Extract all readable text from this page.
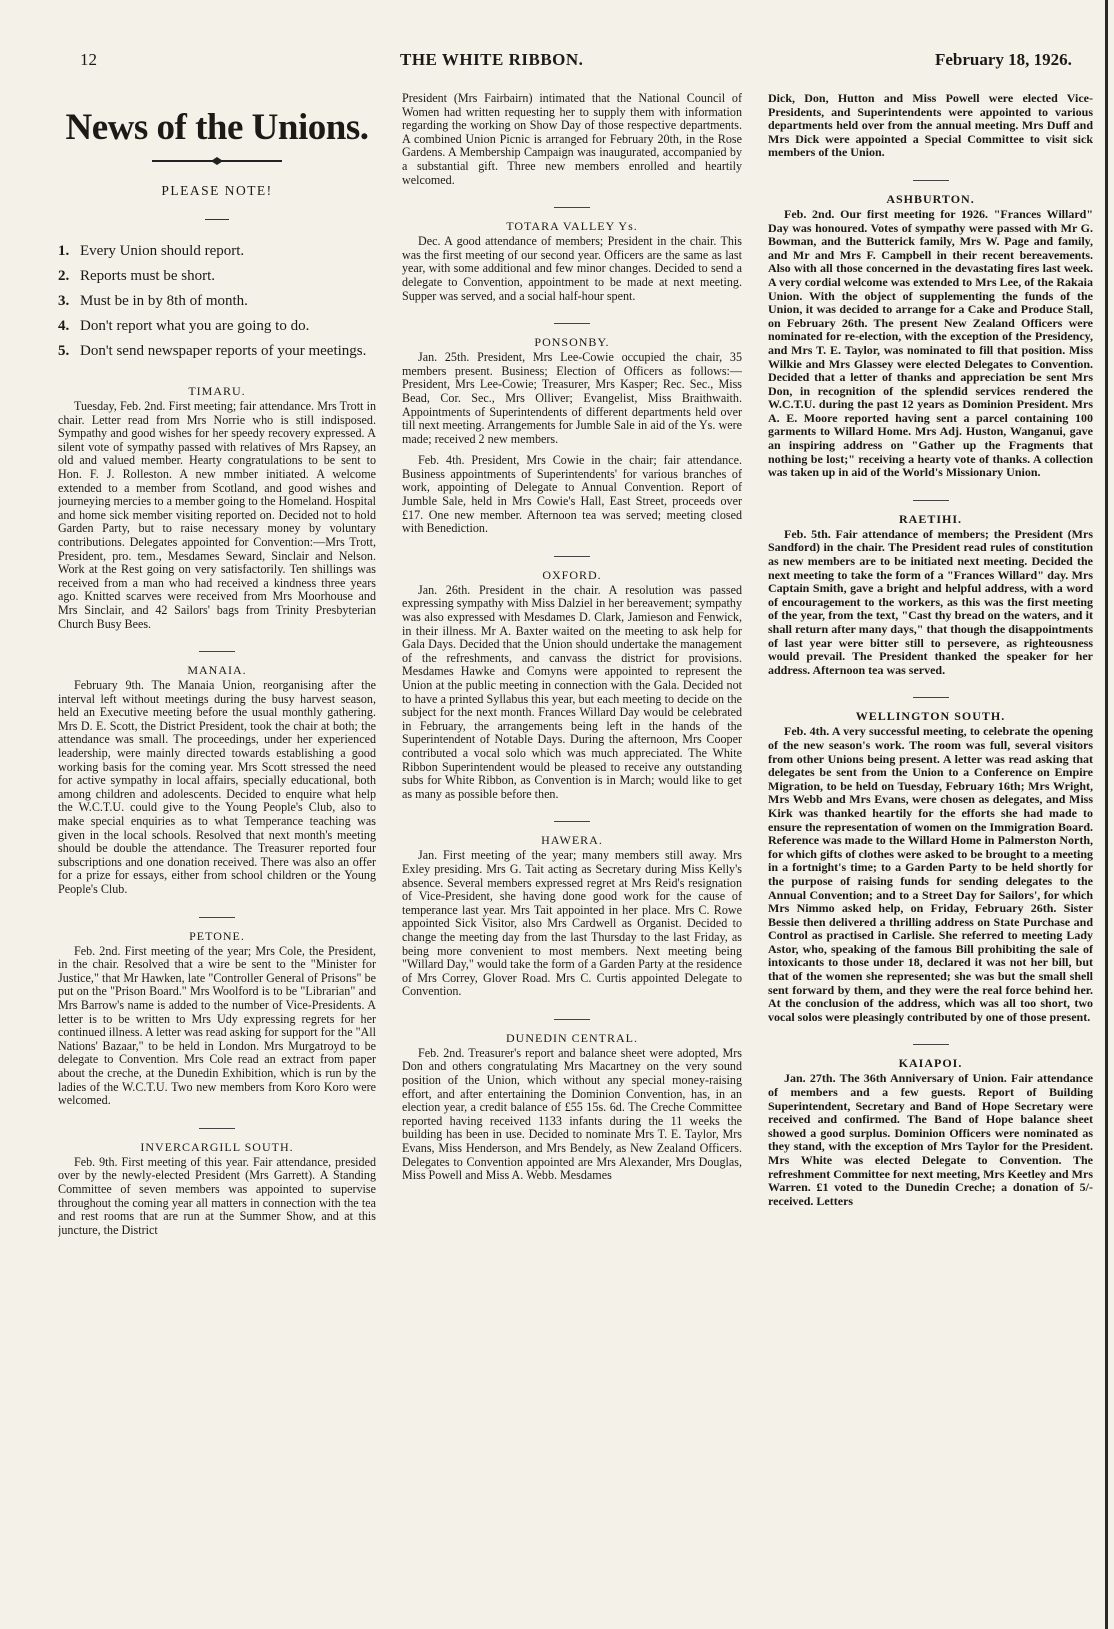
12	THE WHITE RIBBON.	February 18, 1926.
News of the Unions.
PLEASE NOTE!
1. Every Union should report.
2. Reports must be short.
3. Must be in by 8th of month.
4. Don't report what you are going to do.
5. Don't send newspaper reports of your meetings.
TIMARU.

Tuesday, Feb. 2nd. First meeting; fair attendance. Mrs Trott in chair. Letter read from Mrs Norrie who is still indisposed. Sympathy and good wishes for her speedy recovery expressed. A silent vote of sympathy passed with relatives of Mrs Rapsey, an old and valued member. Hearty congratulations to be sent to Hon. F. J. Rolleston. A new mmber initiated. A welcome extended to a member from Scotland, and good wishes and journeying mercies to a member going to the Homeland. Hospital and home sick member visiting reported on. Decided not to hold Garden Party, but to raise necessary money by voluntary contributions. Delegates appointed for Convention:—Mrs Trott, President, pro. tem., Mesdames Seward, Sinclair and Nelson. Work at the Rest going on very satisfactorily. Ten shillings was received from a man who had received a kindness three years ago. Knitted scarves were received from Mrs Moorhouse and Mrs Sinclair, and 42 Sailors' bags from Trinity Presbyterian Church Busy Bees.

MANAIA.

February 9th. The Manaia Union, reorganising after the interval left without meetings during the busy harvest season, held an Executive meeting before the usual monthly gathering. Mrs D. E. Scott, the District President, took the chair at both; the attendance was small. The proceedings, under her experienced leadership, were mainly directed towards establishing a good working basis for the coming year. Mrs Scott stressed the need for active sympathy in local affairs, specially educational, both among children and adolescents. Decided to enquire what help the W.C.T.U. could give to the Young People's Club, also to make special enquiries as to what Temperance teaching was given in the local schools. Resolved that next month's meeting should be double the attendance. The Treasurer reported four subscriptions and one donation received. There was also an offer for a prize for essays, either from school children or the Young People's Club.

PETONE.

Feb. 2nd. First meeting of the year; Mrs Cole, the President, in the chair. Resolved that a wire be sent to the "Minister for Justice," that Mr Hawken, late "Controller General of Prisons" be put on the "Prison Board." Mrs Woolford is to be "Librarian" and Mrs Barrow's name is added to the number of Vice-Presidents. A letter is to be written to Mrs Udy expressing regrets for her continued illness. A letter was read asking for support for the "All Nations' Bazaar," to be held in London. Mrs Murgatroyd to be delegate to Convention. Mrs Cole read an extract from paper about the creche, at the Dunedin Exhibition, which is run by the ladies of the W.C.T.U. Two new members from Koro Koro were welcomed.

INVERCARGILL SOUTH.

Feb. 9th. First meeting of this year. Fair attendance, presided over by the newly-elected President (Mrs Garrett). A Standing Committee of seven members was appointed to supervise throughout the coming year all matters in connection with the tea and rest rooms that are run at the Summer Show, and at this juncture, the District

President (Mrs Fairbairn) intimated that the National Council of Women had written requesting her to supply them with information regarding the working on Show Day of those respective departments. A combined Union Picnic is arranged for February 20th, in the Rose Gardens. A Membership Campaign was inaugurated, accompanied by a substantial gift. Three new members enrolled and heartily welcomed.

TOTARA VALLEY Ys.

Dec. A good attendance of members; President in the chair. This was the first meeting of our second year. Officers are the same as last year, with some additional and few minor changes. Decided to send a delegate to Convention, appointment to be made at next meeting. Supper was served, and a social half-hour spent.

PONSONBY.

Jan. 25th. President, Mrs Lee-Cowie occupied the chair, 35 members present. Business; Election of Officers as follows:—President, Mrs Lee-Cowie; Treasurer, Mrs Kasper; Rec. Sec., Miss Bead, Cor. Sec., Mrs Olliver; Evangelist, Miss Braithwaith. Appointments of Superintendents of different departments held over till next meeting. Arrangements for Jumble Sale in aid of the Ys. were made; received 2 new members.

Feb. 4th. President, Mrs Cowie in the chair; fair attendance. Business appointments of Superintendents' for various branches of work, appointing of Delegate to Annual Convention. Report of Jumble Sale, held in Mrs Cowie's Hall, East Street, proceeds over £17. One new member. Afternoon tea was served; meeting closed with Benediction.

OXFORD.

Jan. 26th. President in the chair. A resolution was passed expressing sympathy with Miss Dalziel in her bereavement; sympathy was also expressed with Mesdames D. Clark, Jamieson and Fenwick, in their illness. Mr A. Baxter waited on the meeting to ask help for Gala Days. Decided that the Union should undertake the management of the refreshments, and canvass the district for provisions. Mesdames Hawke and Comyns were appointed to represent the Union at the public meeting in connection with the Gala. Decided not to have a printed Syllabus this year, but each meeting to decide on the subject for the next month. Frances Willard Day would be celebrated in February, the arrangements being left in the hands of the Superintendent of Notable Days. During the afternoon, Mrs Cooper contributed a vocal solo which was much appreciated. The White Ribbon Superintendent would be pleased to receive any outstanding subs for White Ribbon, as Convention is in March; would like to get as many as possible before then.

HAWERA.

Jan. First meeting of the year; many members still away. Mrs Exley presiding. Mrs G. Tait acting as Secretary during Miss Kelly's absence. Several members expressed regret at Mrs Reid's resignation of Vice-President, she having done good work for the cause of temperance last year. Mrs Tait appointed in her place. Mrs C. Rowe appointed Sick Visitor, also Mrs Cardwell as Organist. Decided to change the meeting day from the last Thursday to the last Friday, as being more convenient to most members. Next meeting being "Willard Day," would take the form of a Garden Party at the residence of Mrs Correy, Glover Road. Mrs C. Curtis appointed Delegate to Convention.

DUNEDIN CENTRAL.

Feb. 2nd. Treasurer's report and balance sheet were adopted, Mrs Don and others congratulating Mrs Macartney on the very sound position of the Union, which without any special money-raising effort, and after entertaining the Dominion Convention, has, in an election year, a credit balance of £55 15s. 6d. The Creche Committee reported having received 1133 infants during the 11 weeks the building has been in use. Decided to nominate Mrs T. E. Taylor, Mrs Evans, Miss Henderson, and Mrs Bendely, as New Zealand Officers. Delegates to Convention appointed are Mrs Alexander, Mrs Douglas, Miss Powell and Miss A. Webb. Mesdames

Dick, Don, Hutton and Miss Powell were elected Vice-Presidents, and Superintendents were appointed to various departments held over from the annual meeting. Mrs Duff and Mrs Dick were appointed a Special Committee to visit sick members of the Union.

ASHBURTON.

Feb. 2nd. Our first meeting for 1926. "Frances Willard" Day was honoured. Votes of sympathy were passed with Mr G. Bowman, and the Butterick family, Mrs W. Page and family, and Mr and Mrs F. Campbell in their recent bereavements. Also with all those concerned in the devastating fires last week. A very cordial welcome was extended to Mrs Lee, of the Rakaia Union. With the object of supplementing the funds of the Union, it was decided to arrange for a Cake and Produce Stall, on February 26th. The present New Zealand Officers were nominated for re-election, with the exception of the Presidency, and Mrs T. E. Taylor, was nominated to fill that position. Miss Wilkie and Mrs Glassey were elected Delegates to Convention. Decided that a letter of thanks and appreciation be sent Mrs Don, in recognition of the splendid services rendered the W.C.T.U. during the past 12 years as Dominion President. Mrs A. E. Moore reported having sent a parcel containing 100 garments to Willard Home. Mrs Adj. Huston, Wanganui, gave an inspiring address on "Gather up the Fragments that nothing be lost;" receiving a hearty vote of thanks. A collection was taken up in aid of the World's Missionary Union.

RAETIHI.

Feb. 5th. Fair attendance of members; the President (Mrs Sandford) in the chair. The President read rules of constitution as new members are to be initiated next meeting. Decided the next meeting to take the form of a "Frances Willard" day. Mrs Captain Smith, gave a bright and helpful address, with a word of encouragement to the workers, as this was the first meeting of the year, from the text, "Cast thy bread on the waters, and it shall return after many days," that though the disappointments of last year were bitter still to persevere, as righteousness would prevail. The President thanked the speaker for her address. Afternoon tea was served.

WELLINGTON SOUTH.

Feb. 4th. A very successful meeting, to celebrate the opening of the new season's work. The room was full, several visitors from other Unions being present. A letter was read asking that delegates be sent from the Union to a Conference on Empire Migration, to be held on Tuesday, February 16th; Mrs Wright, Mrs Webb and Mrs Evans, were chosen as delegates, and Miss Kirk was thanked heartily for the efforts she had made to ensure the representation of women on the Immigration Board. Reference was made to the Willard Home in Palmerston North, for which gifts of clothes were asked to be brought to a meeting in a fortnight's time; to a Garden Party to be held shortly for the purpose of raising funds for sending delegates to the Annual Convention; and to a Street Day for Sailors', for which Mrs Nimmo asked help, on Friday, February 26th. Sister Bessie then delivered a thrilling address on State Purchase and Control as practised in Carlisle. She referred to meeting Lady Astor, who, speaking of the famous Bill prohibiting the sale of intoxicants to those under 18, declared it was not her bill, but that of the women she represented; she was but the small shell sent forward by them, and they were the real force behind her. At the conclusion of the address, which was all too short, two vocal solos were pleasingly contributed by one of those present.

KAIAPOI.

Jan. 27th. The 36th Anniversary of Union. Fair attendance of members and a few guests. Report of Building Superintendent, Secretary and Band of Hope Secretary were received and confirmed. The Band of Hope balance sheet showed a good surplus. Dominion Officers were nominated as they stand, with the exception of Mrs Taylor for the President. Mrs White was elected Delegate to Convention. The refreshment Committee for next meeting, Mrs Keetley and Mrs Warren. £1 voted to the Dunedin Creche; a donation of 5/- received. Letters
